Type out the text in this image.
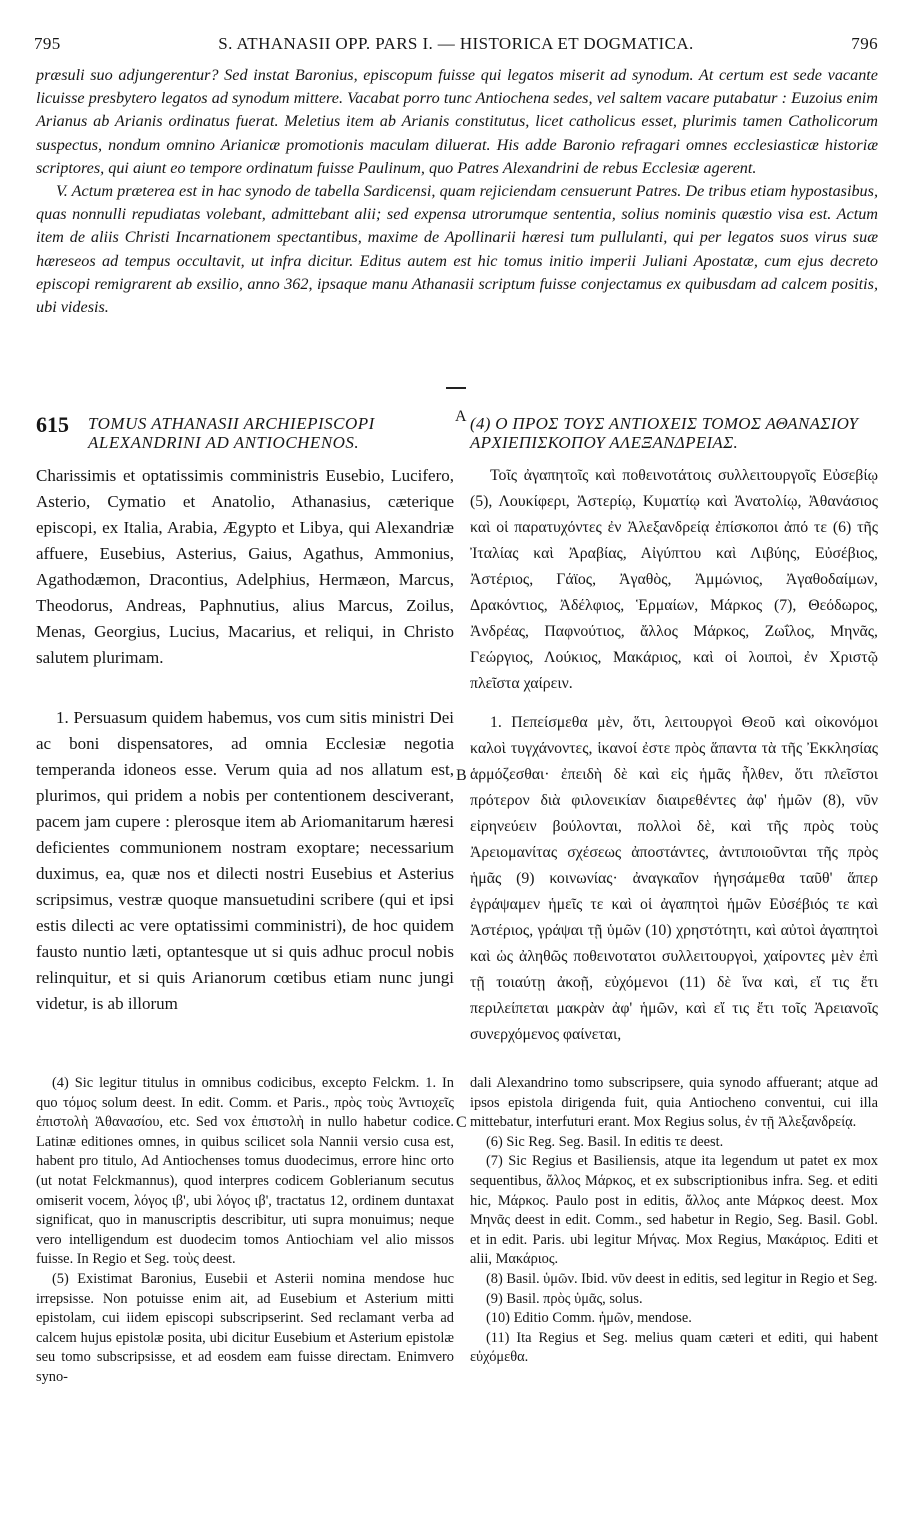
795	S. ATHANASII OPP. PARS I. — HISTORICA ET DOGMATICA.	796

præsuli suo adjungerentur? Sed instat Baronius, episcopum fuisse qui legatos miserit ad synodum. At certum est sede vacante licuisse presbytero legatos ad synodum mittere. Vacabat porro tunc Antiochena sedes, vel saltem vacare putabatur : Euzoius enim Arianus ab Arianis ordinatus fuerat. Meletius item ab Arianis constitutus, licet catholicus esset, plurimis tamen Catholicorum suspectus, nondum omnino Arianicæ promotionis maculam diluerat. His adde Baronio refragari omnes ecclesiasticæ historiæ scriptores, qui aiunt eo tempore ordinatum fuisse Paulinum, quo Patres Alexandrini de rebus Ecclesiæ agerent.

V. Actum præterea est in hac synodo de tabella Sardicensi, quam rejiciendam censuerunt Patres. De tribus etiam hypostasibus, quas nonnulli repudiatas volebant, admittebant alii; sed expensa utrorumque sententia, solius nominis quæstio visa est. Actum item de aliis Christi Incarnationem spectantibus, maxime de Apollinarii hæresi tum pullulanti, qui per legatos suos virus suæ hæreseos ad tempus occultavit, ut infra dicitur. Editus autem est hic tomus initio imperii Juliani Apostatæ, cum ejus decreto episcopi remigrarent ab exsilio, anno 362, ipsaque manu Athanasii scriptum fuisse conjectamus ex quibusdam ad calcem positis, ubi videsis.

615 TOMUS ATHANASII ARCHIEPISCOPI ALEXANDRINI AD ANTIOCHENOS.
(4) Ο ΠΡΟΣ ΤΟΥΣ ΑΝΤΙΟΧΕΙΣ ΤΟΜΟΣ ΑΘΑΝΑΣΙΟΥ ΑΡΧΙΕΠΙΣΚΟΠΟΥ ΑΛΕΞΑΝΔΡΕΙΑΣ.
A
B
C

Charissimis et optatissimis comministris Eusebio, Lucifero, Asterio, Cymatio et Anatolio, Athanasius, cæterique episcopi, ex Italia, Arabia, Ægypto et Libya, qui Alexandriæ affuere, Eusebius, Asterius, Gaius, Agathus, Ammonius, Agathodæmon, Dracontius, Adelphius, Hermæon, Marcus, Theodorus, Andreas, Paphnutius, alius Marcus, Zoilus, Menas, Georgius, Lucius, Macarius, et reliqui, in Christo salutem plurimam.

1. Persuasum quidem habemus, vos cum sitis ministri Dei ac boni dispensatores, ad omnia Ecclesiæ negotia temperanda idoneos esse. Verum quia ad nos allatum est, plurimos, qui pridem a nobis per contentionem desciverant, pacem jam cupere : plerosque item ab Ariomanitarum hæresi deficientes communionem nostram exoptare; necessarium duximus, ea, quæ nos et dilecti nostri Eusebius et Asterius scripsimus, vestræ quoque mansuetudini scribere (qui et ipsi estis dilecti ac vere optatissimi comministri), de hoc quidem fausto nuntio læti, optantesque ut si quis adhuc procul nobis relinquitur, et si quis Arianorum cœtibus etiam nunc jungi videtur, is ab illorum

Τοῖς ἀγαπητοῖς καὶ ποθεινοτάτοις συλλειτουργοῖς Εὐσεβίῳ (5), Λουκίφερι, Ἀστερίῳ, Κυματίῳ καὶ Ἀνατολίῳ, Ἀθανάσιος καὶ οἱ παρατυχόντες ἐν Ἀλεξανδρείᾳ ἐπίσκοποι ἀπό τε (6) τῆς Ἰταλίας καὶ Ἀραβίας, Αἰγύπτου καὶ Λιβύης, Εὐσέβιος, Ἀστέριος, Γάϊος, Ἀγαθὸς, Ἀμμώνιος, Ἀγαθοδαίμων, Δρακόντιος, Ἀδέλφιος, Ἑρμαίων, Μάρκος (7), Θεόδωρος, Ἀνδρέας, Παφνούτιος, ἄλλος Μάρκος, Ζωΐλος, Μηνᾶς, Γεώργιος, Λούκιος, Μακάριος, καὶ οἱ λοιποὶ, ἐν Χριστῷ πλεῖστα χαίρειν.

1. Πεπείσμεθα μὲν, ὅτι, λειτουργοὶ Θεοῦ καὶ οἰκονόμοι καλοὶ τυγχάνοντες, ἱκανοί ἐστε πρὸς ἅπαντα τὰ τῆς Ἐκκλησίας ἁρμόζεσθαι· ἐπειδὴ δὲ καὶ εἰς ἡμᾶς ἦλθεν, ὅτι πλεῖστοι πρότερον διὰ φιλονεικίαν διαιρεθέντες ἀφ' ἡμῶν (8), νῦν εἰρηνεύειν βούλονται, πολλοὶ δὲ, καὶ τῆς πρὸς τοὺς Ἀρειομανίτας σχέσεως ἀποστάντες, ἀντιποιοῦνται τῆς πρὸς ἡμᾶς (9) κοινωνίας· ἀναγκαῖον ἡγησάμεθα ταῦθ' ἅπερ ἐγράψαμεν ἡμεῖς τε καὶ οἱ ἀγαπητοὶ ἡμῶν Εὐσέβιός τε καὶ Ἀστέριος, γράψαι τῇ ὑμῶν (10) χρηστότητι, καὶ αὐτοὶ ἀγαπητοὶ καὶ ὡς ἀληθῶς ποθεινοτατοι συλλειτουργοὶ, χαίροντες μὲν ἐπὶ τῇ τοιαύτῃ ἀκοῇ, εὐχόμενοι (11) δὲ ἵνα καὶ, εἴ τις ἔτι περιλείπεται μακρὰν ἀφ' ἡμῶν, καὶ εἴ τις ἔτι τοῖς Ἀρειανοῖς συνερχόμενος φαίνεται,

(4) Sic legitur titulus in omnibus codicibus, excepto Felckm. 1. In quo τόμος solum deest. In edit. Comm. et Paris., πρὸς τοὺς Ἀντιοχεῖς ἐπιστολὴ Ἀθανασίου, etc. Sed vox ἐπιστολὴ in nullo habetur codice. Latinæ editiones omnes, in quibus scilicet sola Nannii versio cusa est, habent pro titulo, Ad Antiochenses tomus duodecimus, errore hinc orto (ut notat Felckmannus), quod interpres codicem Goblerianum secutus omiserit vocem, λόγος ιβ', ubi λόγος ιβ', tractatus 12, ordinem duntaxat significat, quo in manuscriptis describitur, uti supra monuimus; neque vero intelligendum est duodecim tomos Antiochiam vel alio missos fuisse. In Regio et Seg. τοὺς deest.

(5) Existimat Baronius, Eusebii et Asterii nomina mendose huc irrepsisse. Non potuisse enim ait, ad Eusebium et Asterium mitti epistolam, cui iidem episcopi subscripserint. Sed reclamant verba ad calcem hujus epistolæ posita, ubi dicitur Eusebium et Asterium epistolæ seu tomo subscripsisse, et ad eosdem eam fuisse directam. Enimvero syno-

dali Alexandrino tomo subscripsere, quia synodo affuerant; atque ad ipsos epistola dirigenda fuit, quia Antiocheno conventui, cui illa mittebatur, interfuturi erant. Mox Regius solus, ἐν τῇ Ἀλεξανδρείᾳ.

(6) Sic Reg. Seg. Basil. In editis τε deest.

(7) Sic Regius et Basiliensis, atque ita legendum ut patet ex mox sequentibus, ἄλλος Μάρκος, et ex subscriptionibus infra. Seg. et editi hic, Μάρκος. Paulo post in editis, ἄλλος ante Μάρκος deest. Mox Μηνᾶς deest in edit. Comm., sed habetur in Regio, Seg. Basil. Gobl. et in edit. Paris. ubi legitur Μήνας. Mox Regius, Μακάριος. Editi et alii, Μακάριος.

(8) Basil. ὑμῶν. Ibid. νῦν deest in editis, sed legitur in Regio et Seg.

(9) Basil. πρὸς ὑμᾶς, solus.

(10) Editio Comm. ἡμῶν, mendose.

(11) Ita Regius et Seg. melius quam cæteri et editi, qui habent εὐχόμεθα.
